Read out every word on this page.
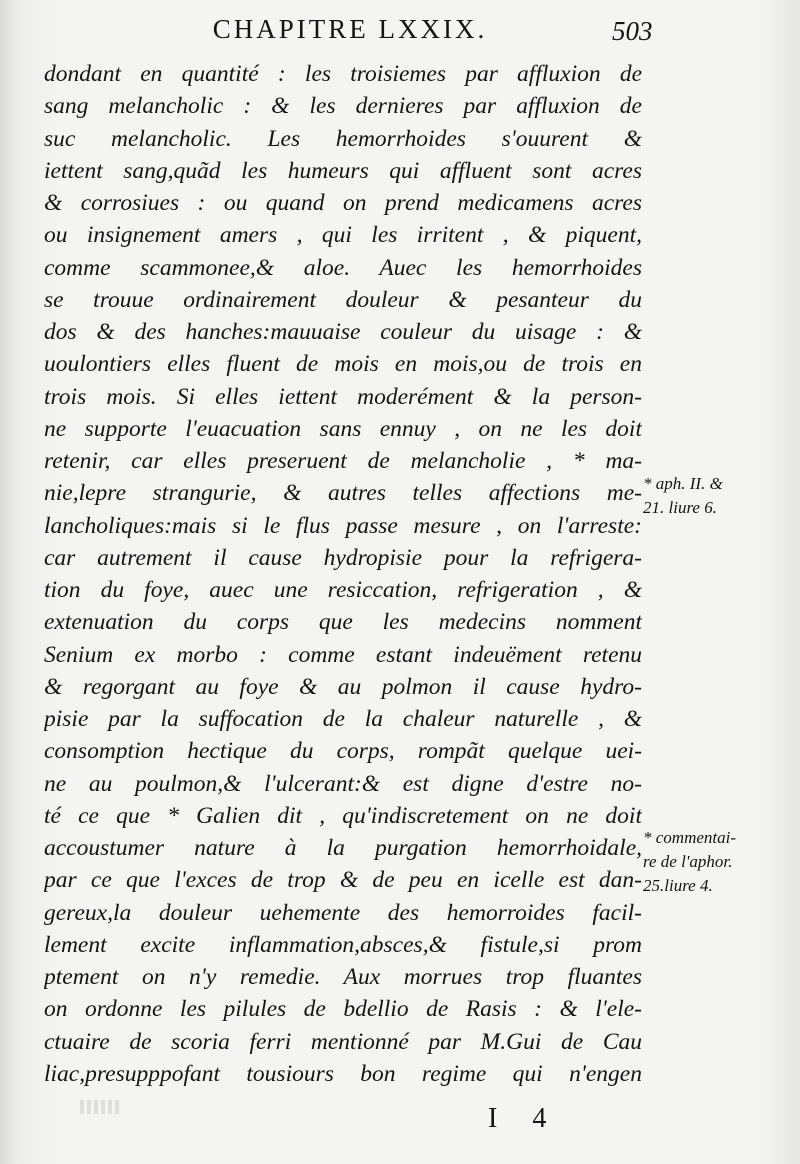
CHAPITRE LXXIX.	503
dondant en quantité : les troisiemes par affluxion de
sang melancholic : & les dernieres par affluxion de
suc melancholic. Les hemorrhoides s'ouurent &
iettent sang,quãd les humeurs qui affluent sont acres
& corrosiues : ou quand on prend medicamens acres
ou insignement amers , qui les irritent , & piquent,
comme scammonee,& aloe. Auec les hemorrhoides
se trouue ordinairement douleur & pesanteur du
dos & des hanches:mauuaise couleur du uisage : &
uoulontiers elles fluent de mois en mois,ou de trois en
trois mois. Si elles iettent moderément & la person-
ne supporte l'euacuation sans ennuy , on ne les doit
retenir, car elles preseruent de melancholie , * ma-
nie,lepre strangurie, & autres telles affections me-
lancholiques:mais si le flus passe mesure , on l'arreste:
car autrement il cause hydropisie pour la refrigera-
tion du foye, auec une resiccation, refrigeration , &
extenuation du corps que les medecins nomment
Senium ex morbo : comme estant indeuëment retenu
& regorgant au foye & au polmon il cause hydro-
pisie par la suffocation de la chaleur naturelle , &
consomption hectique du corps, rompãt quelque uei-
ne au poulmon,& l'ulcerant:& est digne d'estre no-
té ce que * Galien dit , qu'indiscretement on ne doit
accoustumer nature à la purgation hemorrhoidale,
par ce que l'exces de trop & de peu en icelle est dan-
gereux,la douleur uehemente des hemorroides facil-
lement excite inflammation,absces,& fistule,si prom
ptement on n'y remedie. Aux morrues trop fluantes
on ordonne les pilules de bdellio de Rasis : & l'ele-
ctuaire de scoria ferri mentionné par M.Gui de Cau
liac,presupppofant tousiours bon regime qui n'engen
* aph. II. &
21. liure 6.
* commentai-
re de l'aphor.
25.liure 4.
I 4
